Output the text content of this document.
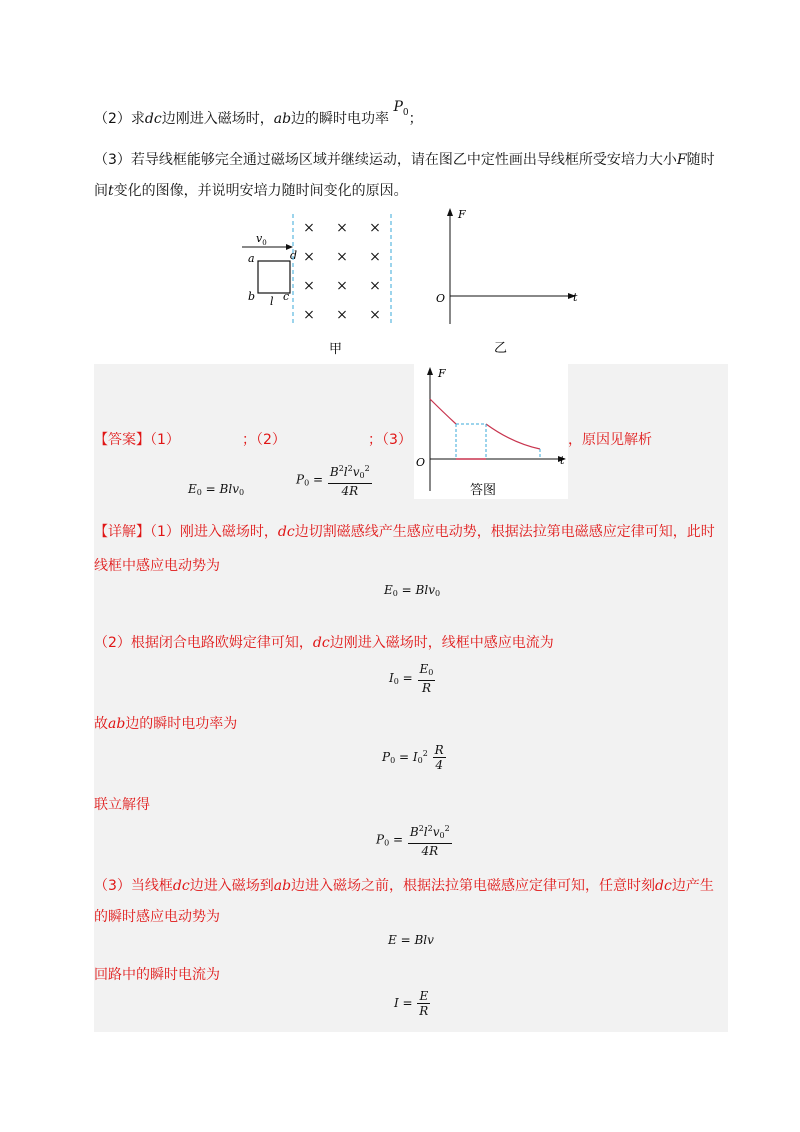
（2）求dc边刚进入磁场时，ab边的瞬时电功率 $P_0$；
（3）若导线框能够完全通过磁场区域并继续运动，请在图乙中定性画出导线框所受安培力大小F随时
间t变化的图像，并说明安培力随时间变化的原因。
$v_0$
a
b	c
d
l
× × ×
× × ×
× × ×
× × ×
甲
F
O	t
乙
F
O	t
答图
【答案】（1）	；（2）	；（3）	，原因见解析
$E_0 = Blv_0$
$P_0 = \frac{B^2l^2v_0^2}{4R}$
【详解】（1）刚进入磁场时，dc边切割磁感线产生感应电动势，根据法拉第电磁感应定律可知，此时
线框中感应电动势为
$E_0 = Blv_0$
（2）根据闭合电路欧姆定律可知，dc边刚进入磁场时，线框中感应电流为
$I_0 = \frac{E_0}{R}$
故ab边的瞬时电功率为
$P_0 = I_0^2 \frac{R}{4}$
联立解得
$P_0 = \frac{B^2l^2v_0^2}{4R}$
（3）当线框dc边进入磁场到ab边进入磁场之前，根据法拉第电磁感应定律可知，任意时刻dc边产生
的瞬时感应电动势为
E = Blv
回路中的瞬时电流为
$I = \frac{E}{R}$
